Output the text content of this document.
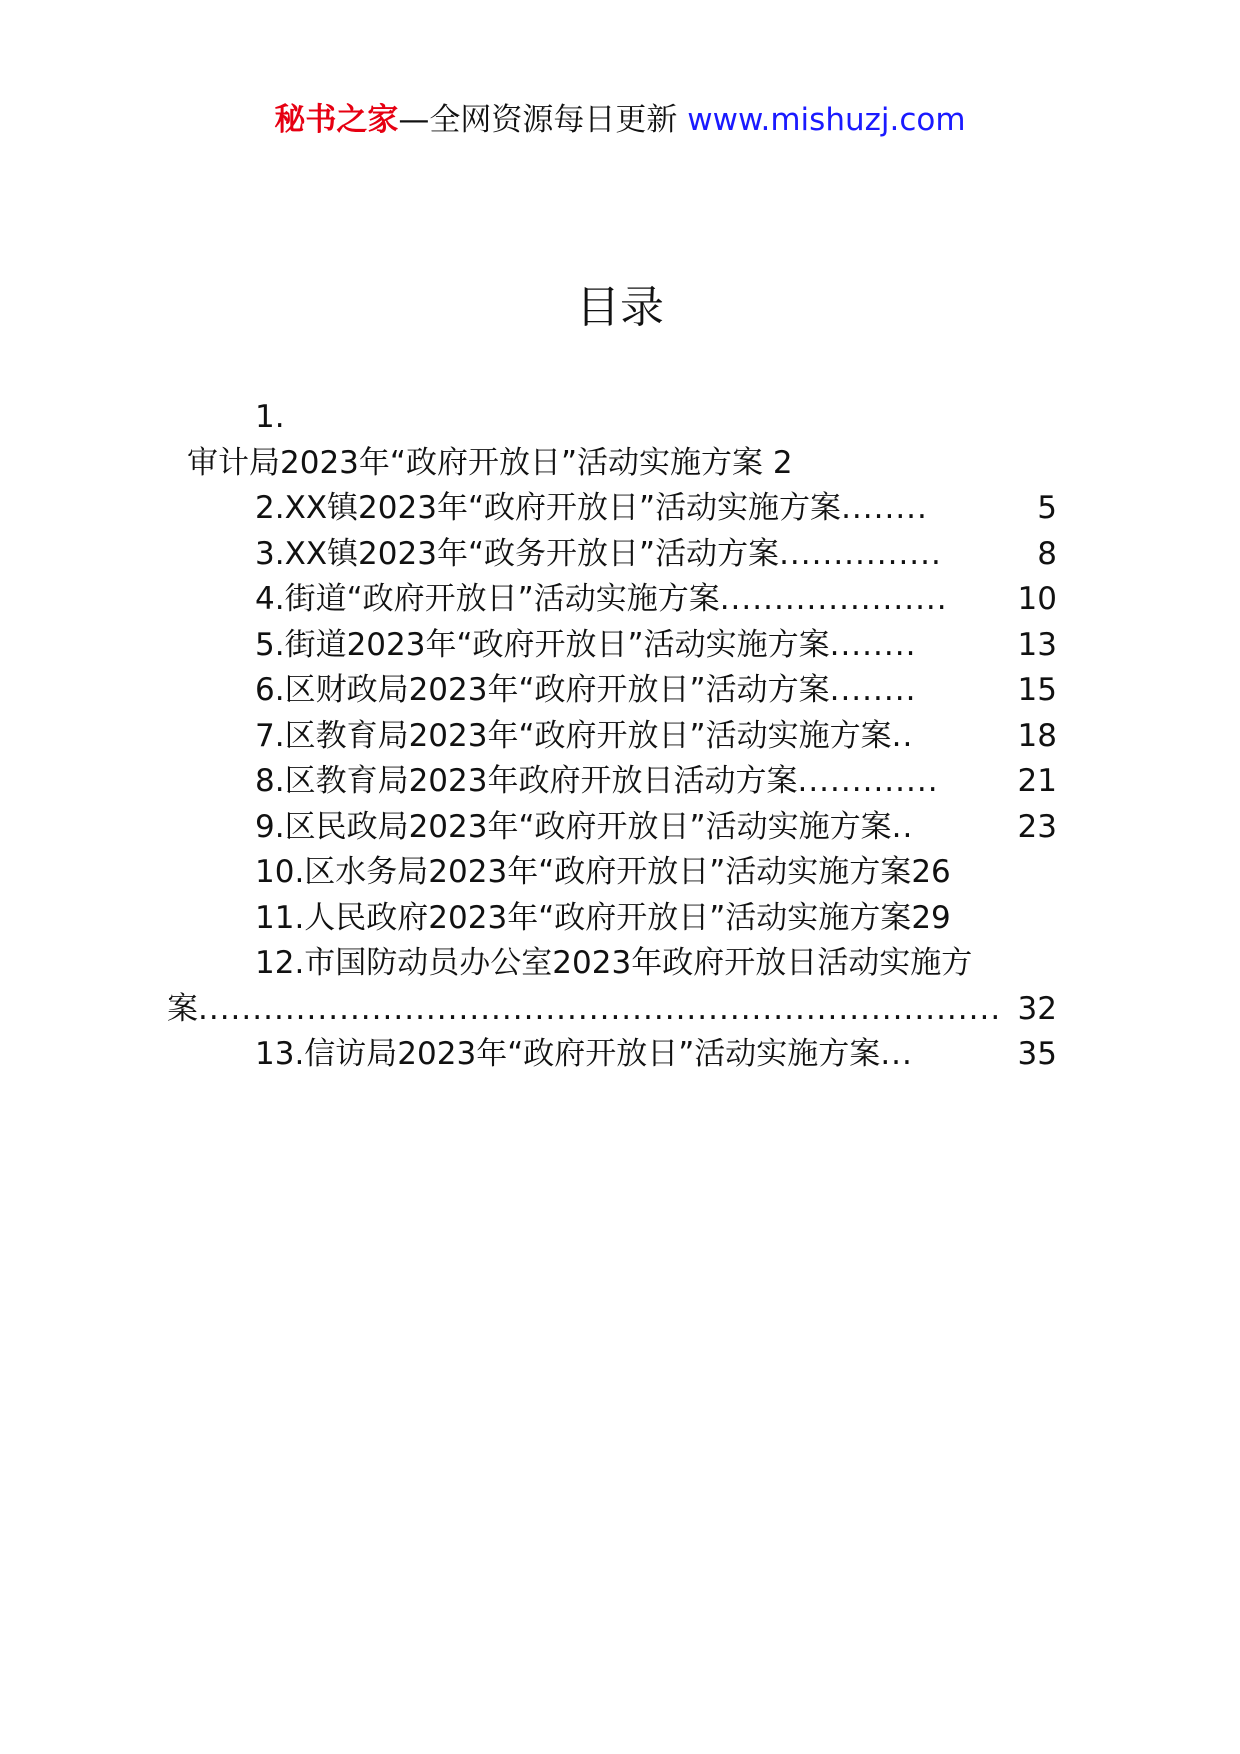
秘书之家—全网资源每日更新 www.mishuzj.com
目录
1.
审计局2023年“政府开放日”活动实施方案 2
2.XX镇2023年“政府开放日”活动实施方案 ........	5
3.XX镇2023年“政务开放日”活动方案 ...............	8
4.街道“政府开放日”活动实施方案 .....................	10
5.街道2023年“政府开放日”活动实施方案 ........	13
6.区财政局2023年“政府开放日”活动方案 ........	15
7.区教育局2023年“政府开放日”活动实施方案 ..	18
8.区教育局2023年政府开放日活动方案 .............	21
9.区民政局2023年“政府开放日”活动实施方案 ..	23
10.区水务局2023年“政府开放日”活动实施方案 26
11.人民政府2023年“政府开放日”活动实施方案 29
12.市国防动员办公室2023年政府开放日活动实施方
案 .......................................................................... 32
13.信访局2023年“政府开放日”活动实施方案 ...	35
